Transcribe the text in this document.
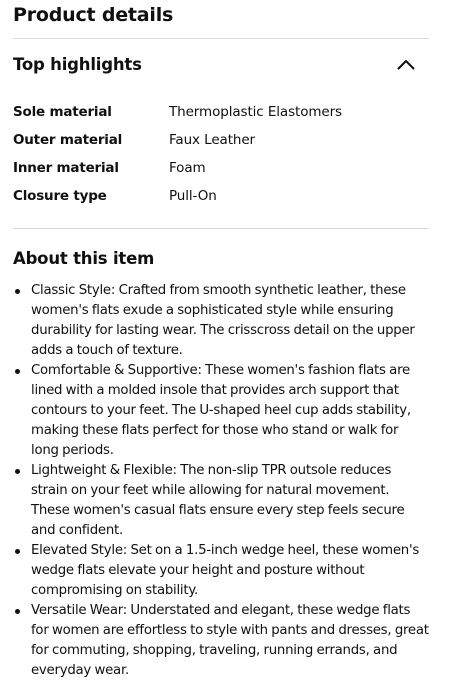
Product details
Top highlights
Sole material	Thermoplastic Elastomers
Outer material	Faux Leather
Inner material	Foam
Closure type	Pull-On
About this item
Classic Style: Crafted from smooth synthetic leather, these women's flats exude a sophisticated style while ensuring durability for lasting wear. The crisscross detail on the upper adds a touch of texture.
Comfortable & Supportive: These women's fashion flats are lined with a molded insole that provides arch support that contours to your feet. The U-shaped heel cup adds stability, making these flats perfect for those who stand or walk for long periods.
Lightweight & Flexible: The non-slip TPR outsole reduces strain on your feet while allowing for natural movement. These women's casual flats ensure every step feels secure and confident.
Elevated Style: Set on a 1.5-inch wedge heel, these women's wedge flats elevate your height and posture without compromising on stability.
Versatile Wear: Understated and elegant, these wedge flats for women are effortless to style with pants and dresses, great for commuting, shopping, traveling, running errands, and everyday wear.
